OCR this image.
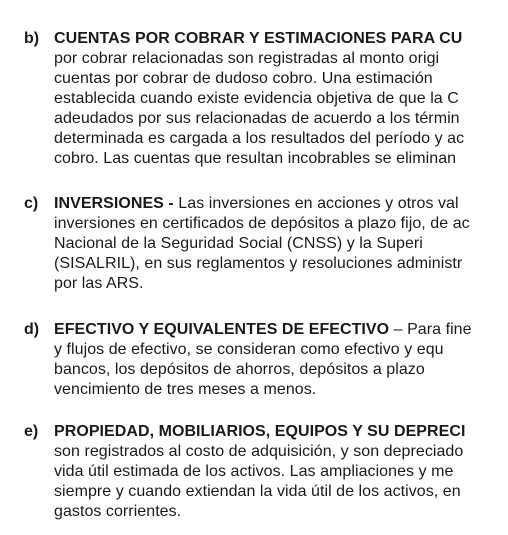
b) CUENTAS POR COBRAR Y ESTIMACIONES PARA CU
por cobrar relacionadas son registradas al monto origi
cuentas por cobrar de dudoso cobro. Una estimación
establecida cuando existe evidencia objetiva de que la C
adeudados por sus relacionadas de acuerdo a los términ
determinada es cargada a los resultados del período y ac
cobro. Las cuentas que resultan incobrables se eliminan
c) INVERSIONES - Las inversiones en acciones y otros val
inversiones en certificados de depósitos a plazo fijo, de ac
Nacional de la Seguridad Social (CNSS) y la Superi
(SISALRIL), en sus reglamentos y resoluciones administr
por las ARS.
d) EFECTIVO Y EQUIVALENTES DE EFECTIVO – Para fine
y flujos de efectivo, se consideran como efectivo y equ
bancos, los depósitos de ahorros, depósitos a plazo
vencimiento de tres meses a menos.
e) PROPIEDAD, MOBILIARIOS, EQUIPOS Y SU DEPRECI
son registrados al costo de adquisición, y son depreciado
vida útil estimada de los activos. Las ampliaciones y me
siempre y cuando extiendan la vida útil de los activos, en
gastos corrientes.
